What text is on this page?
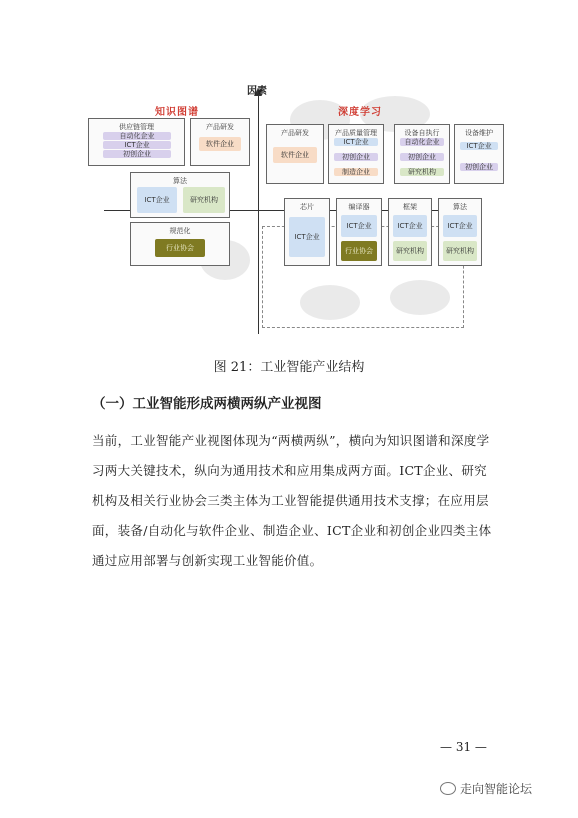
因素
知识图谱	深度学习
供应链管理
自动化企业
ICT企业
初创企业
产品研发
软件企业
算法
ICT企业	研究机构
规范化
行业协会
产品研发
软件企业
产品质量管理
ICT企业
初创企业
制造企业
设备自执行
自动化企业
初创企业
研究机构
设备维护
ICT企业
初创企业
芯片
ICT企业
编译器
ICT企业
行业协会
框架
ICT企业
研究机构
算法
ICT企业
研究机构
图 21：工业智能产业结构
（一）工业智能形成两横两纵产业视图
当前，工业智能产业视图体现为“两横两纵”，横向为知识图谱和深度学习两大关键技术，纵向为通用技术和应用集成两方面。ICT企业、研究机构及相关行业协会三类主体为工业智能提供通用技术支撑；在应用层面，装备/自动化与软件企业、制造企业、ICT企业和初创企业四类主体通过应用部署与创新实现工业智能价值。
— 31 —
走向智能论坛
